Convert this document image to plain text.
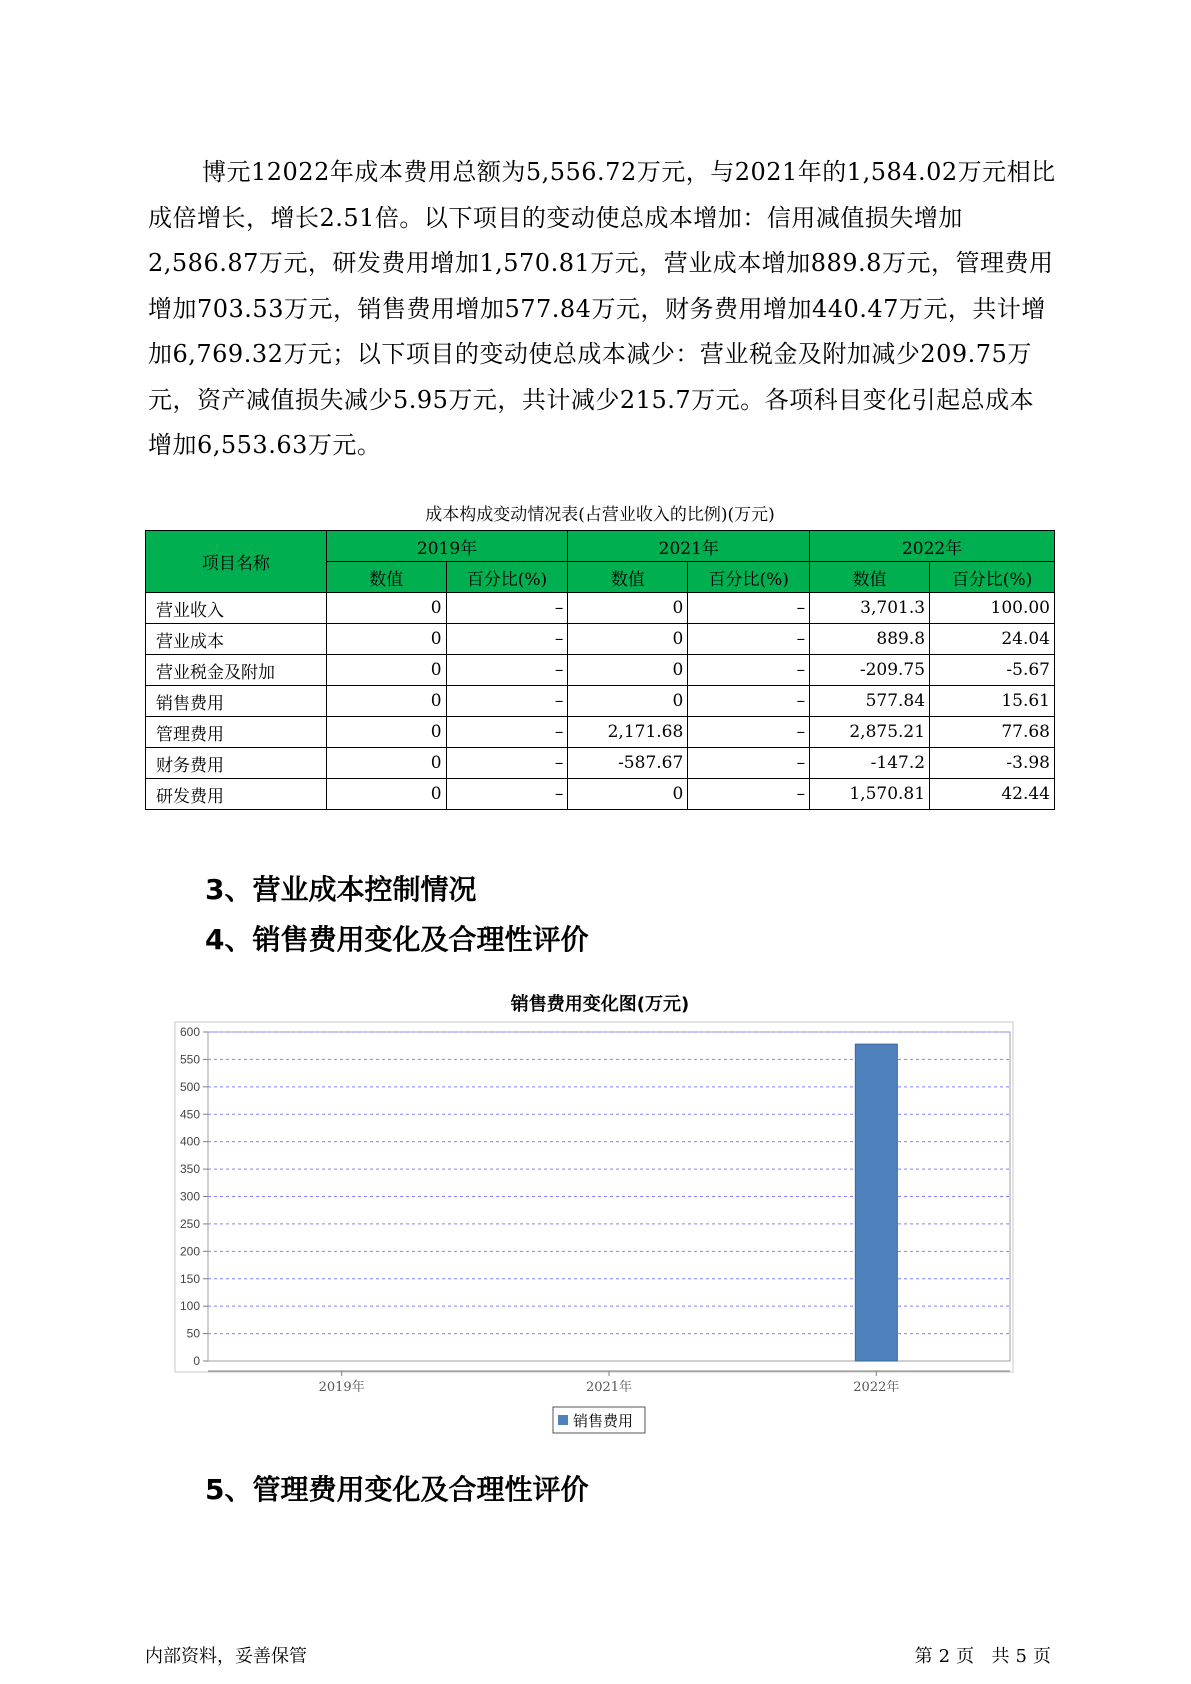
博元12022年成本费用总额为5,556.72万元，与2021年的1,584.02万元相比成倍增长，增长2.51倍。以下项目的变动使总成本增加：信用减值损失增加2,586.87万元，研发费用增加1,570.81万元，营业成本增加889.8万元，管理费用增加703.53万元，销售费用增加577.84万元，财务费用增加440.47万元，共计增加6,769.32万元；以下项目的变动使总成本减少：营业税金及附加减少209.75万元，资产减值损失减少5.95万元，共计减少215.7万元。各项科目变化引起总成本增加6,553.63万元。
成本构成变动情况表(占营业收入的比例)(万元)
项目名称	2019年		2021年		2022年	
	数值	百分比(%)	数值	百分比(%)	数值	百分比(%)
营业收入	0	–	0	–	3,701.3	100.00
营业成本	0	–	0	–	889.8	24.04
营业税金及附加	0	–	0	–	-209.75	-5.67
销售费用	0	–	0	–	577.84	15.61
管理费用	0	–	2,171.68	–	2,875.21	77.68
财务费用	0	–	-587.67	–	-147.2	-3.98
研发费用	0	–	0	–	1,570.81	42.44
3、营业成本控制情况
4、销售费用变化及合理性评价
销售费用变化图(万元)
0
50
100
150
200
250
300
350
400
450
500
550
600
2019年	2021年	2022年
销售费用
5、管理费用变化及合理性评价
内部资料，妥善保管	第 2 页 共 5 页
